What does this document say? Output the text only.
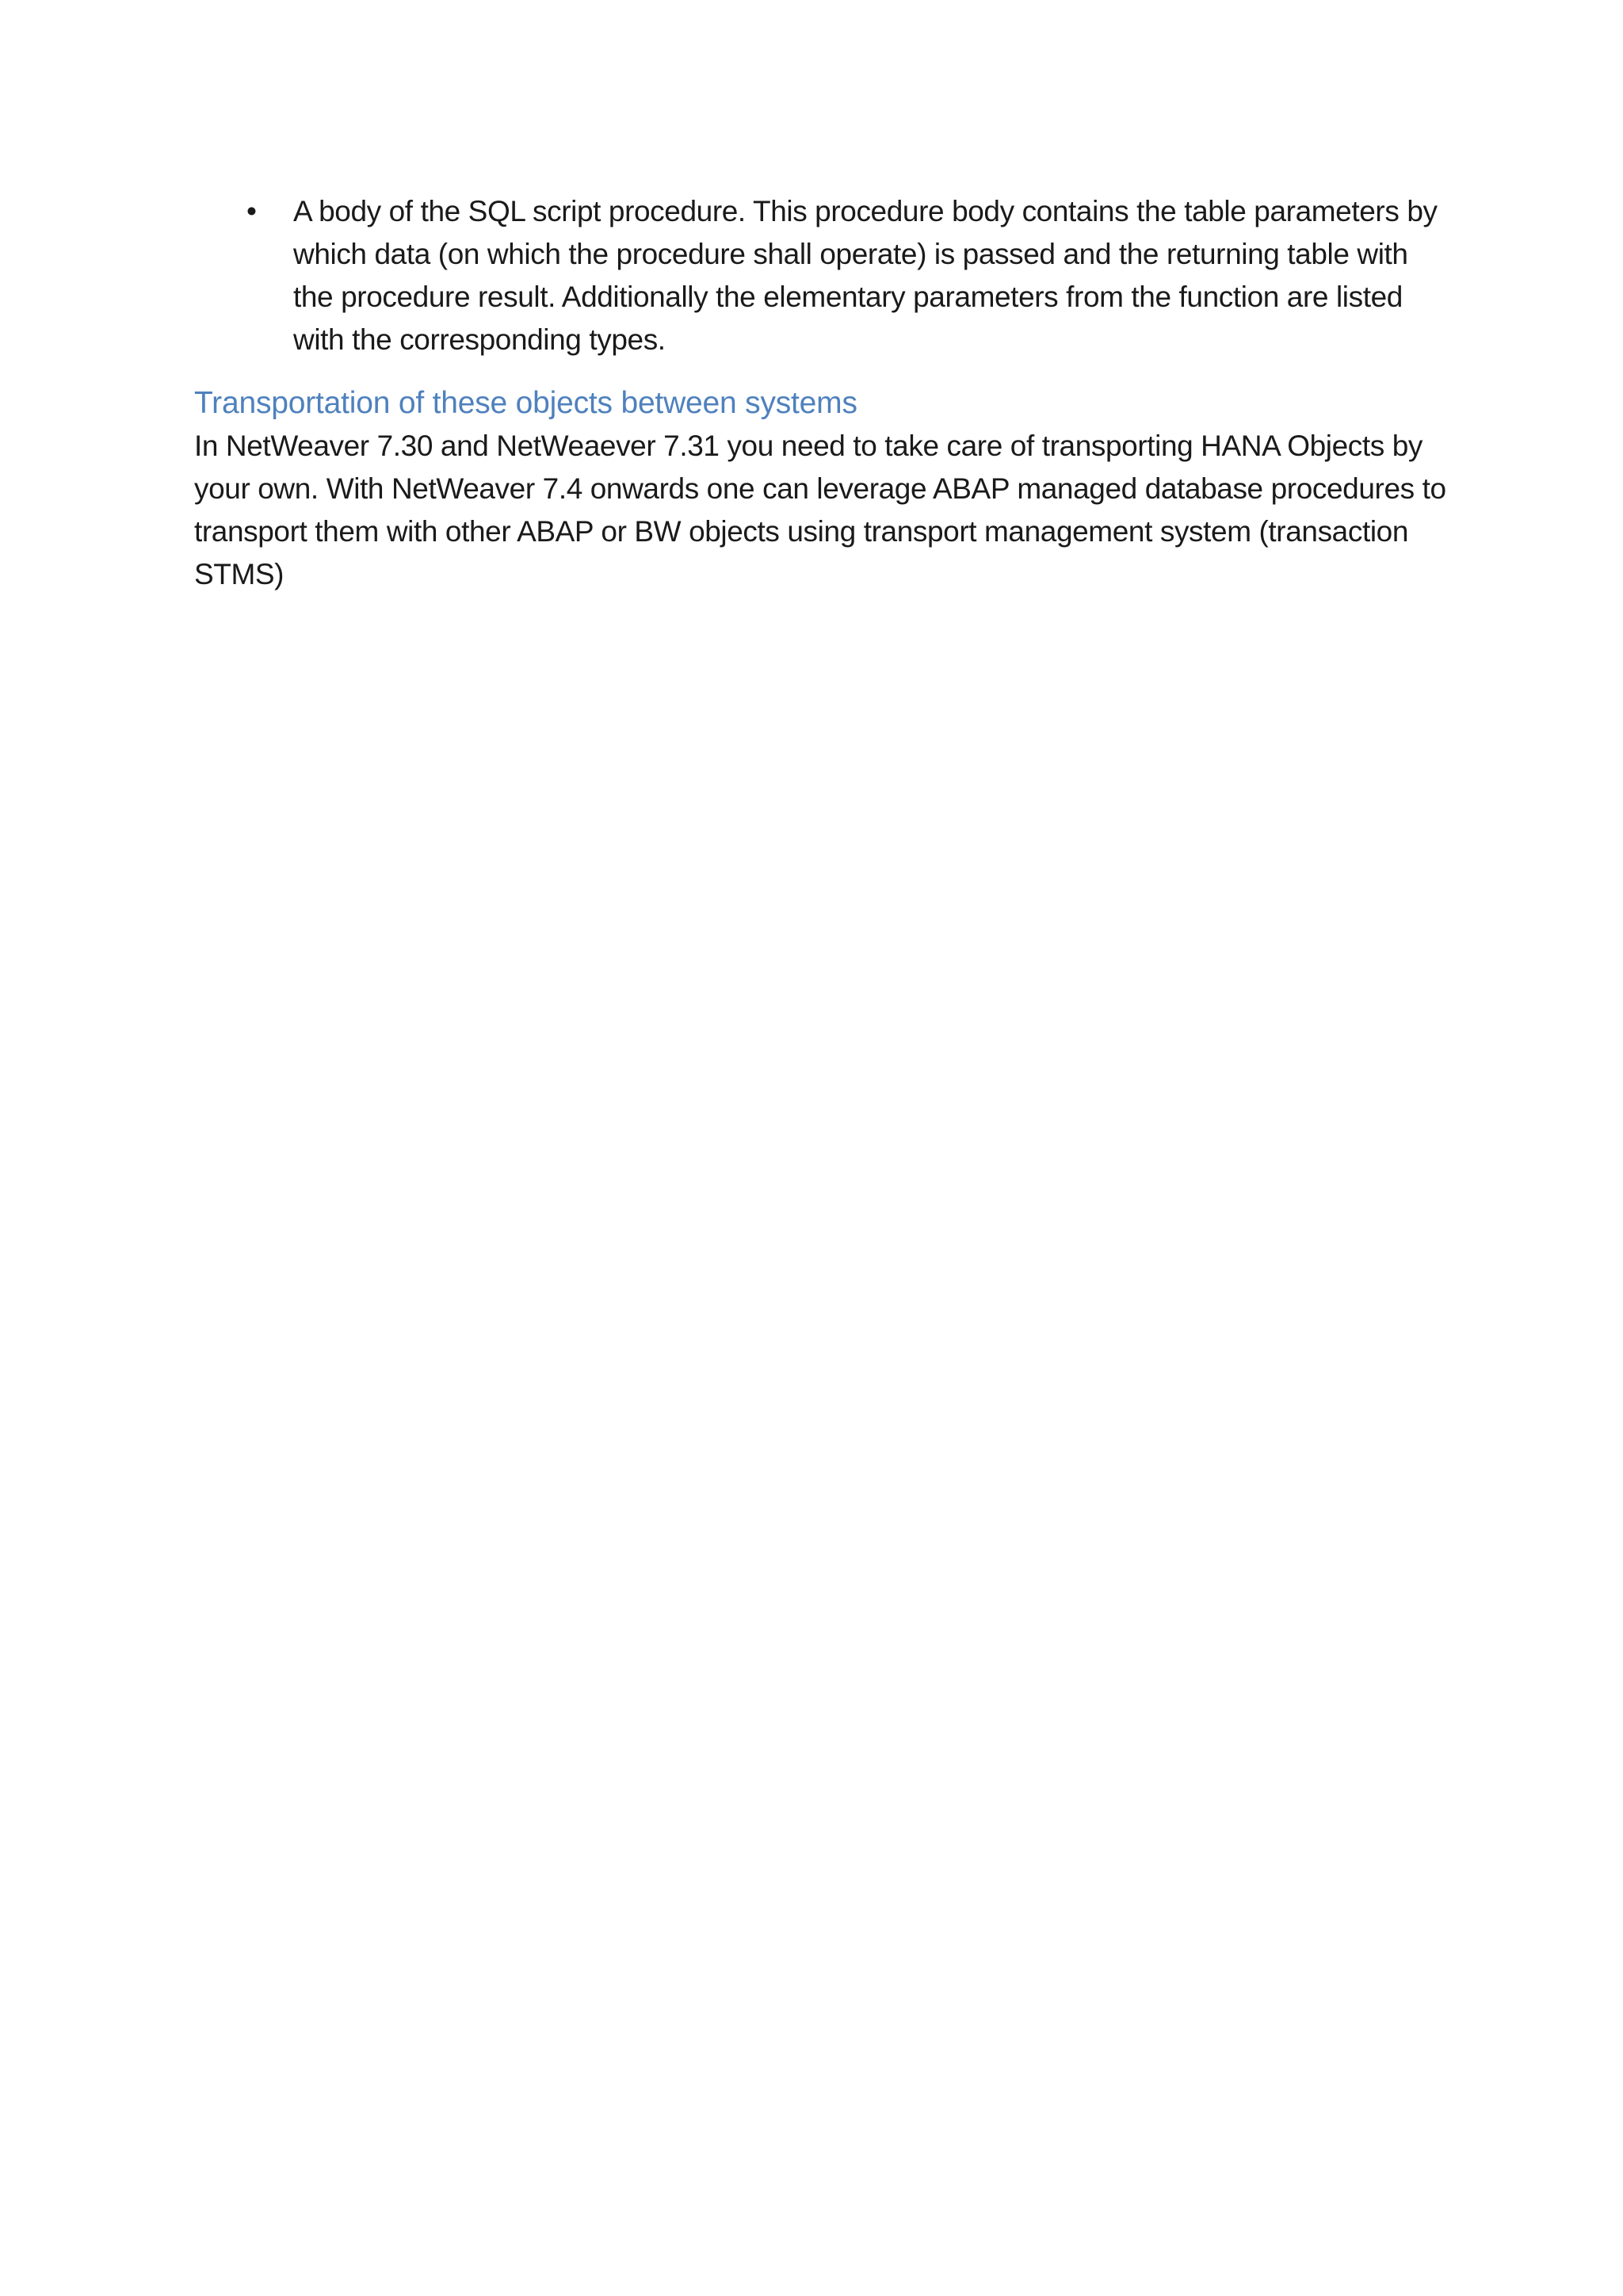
• A body of the SQL script procedure. This procedure body contains the table parameters by which data (on which the procedure shall operate) is passed and the returning table with the procedure result. Additionally the elementary parameters from the function are listed with the corresponding types.
Transportation of these objects between systems

In NetWeaver 7.30 and NetWeaever 7.31 you need to take care of transporting HANA Objects by your own. With NetWeaver 7.4 onwards one can leverage ABAP managed database procedures to transport them with other ABAP or BW objects using transport management system (transaction STMS)
